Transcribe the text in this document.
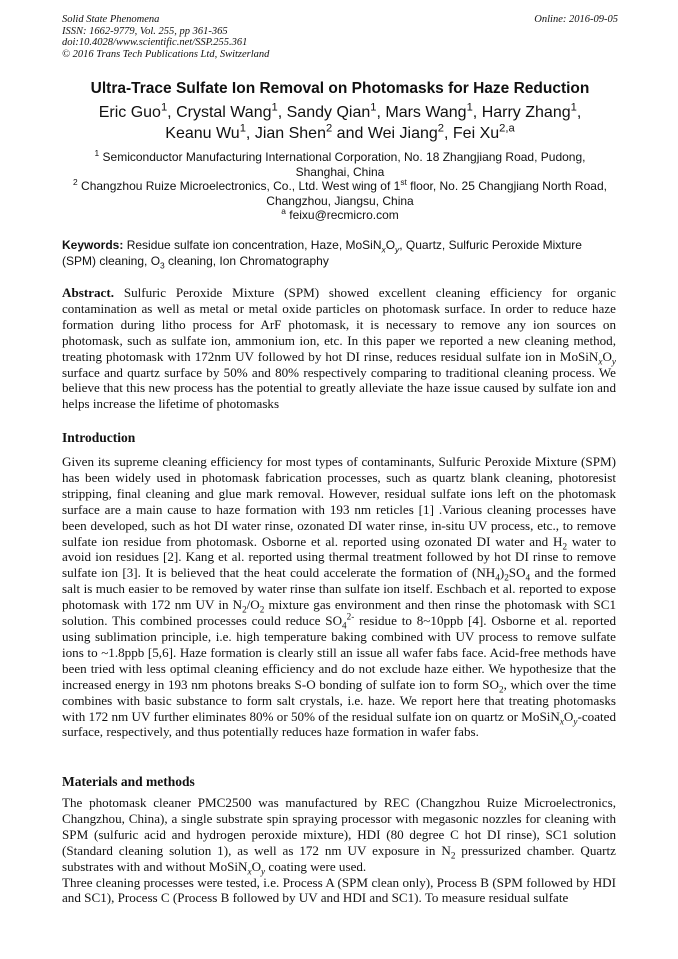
Solid State Phenomena
ISSN: 1662-9779, Vol. 255, pp 361-365
doi:10.4028/www.scientific.net/SSP.255.361
© 2016 Trans Tech Publications Ltd, Switzerland
Online: 2016-09-05
Ultra-Trace Sulfate Ion Removal on Photomasks for Haze Reduction
Eric Guo$^1$, Crystal Wang$^1$, Sandy Qian$^1$, Mars Wang$^1$, Harry Zhang$^1$,
Keanu Wu$^1$, Jian Shen$^2$ and Wei Jiang$^2$, Fei Xu$^{2,a}$
$^1$ Semiconductor Manufacturing International Corporation, No. 18 Zhangjiang Road, Pudong,
Shanghai, China
$^2$ Changzhou Ruize Microelectronics, Co., Ltd. West wing of 1st floor, No. 25 Changjiang North Road,
Changzhou, Jiangsu, China
$^a$ feixu@recmicro.com
Keywords: Residue sulfate ion concentration, Haze, $MoSiN_xO_y$, Quartz, Sulfuric Peroxide Mixture (SPM) cleaning, $O_3$ cleaning, Ion Chromatography

Abstract. Sulfuric Peroxide Mixture (SPM) showed excellent cleaning efficiency for organic contamination as well as metal or metal oxide particles on photomask surface. In order to reduce haze formation during litho process for ArF photomask, it is necessary to remove any ion sources on photomask, such as sulfate ion, ammonium ion, etc. In this paper we reported a new cleaning method, treating photomask with 172nm UV followed by hot DI rinse, reduces residual sulfate ion in $MoSiN_xO_y$ surface and quartz surface by 50% and 80% respectively comparing to traditional cleaning process. We believe that this new process has the potential to greatly alleviate the haze issue caused by sulfate ion and helps increase the lifetime of photomasks

Introduction

Given its supreme cleaning efficiency for most types of contaminants, Sulfuric Peroxide Mixture (SPM) has been widely used in photomask fabrication processes, such as quartz blank cleaning, photoresist stripping, final cleaning and glue mark removal. However, residual sulfate ions left on the photomask surface are a main cause to haze formation with 193 nm reticles [1] .Various cleaning processes have been developed, such as hot DI water rinse, ozonated DI water rinse, in-situ UV process, etc., to remove sulfate ion residue from photomask. Osborne et al. reported using ozonated DI water and $H_2$ water to avoid ion residues [2]. Kang et al. reported using thermal treatment followed by hot DI rinse to remove sulfate ion [3]. It is believed that the heat could accelerate the formation of $(NH_4)_2SO_4$ and the formed salt is much easier to be removed by water rinse than sulfate ion itself. Eschbach et al. reported to expose photomask with 172 nm UV in $N_2/O_2$ mixture gas environment and then rinse the photomask with SC1 solution. This combined processes could reduce $SO_4^{2-}$ residue to 8~10ppb [4]. Osborne et al. reported using sublimation principle, i.e. high temperature baking combined with UV process to remove sulfate ions to ~1.8ppb [5,6]. Haze formation is clearly still an issue all wafer fabs face. Acid-free methods have been tried with less optimal cleaning efficiency and do not exclude haze either. We hypothesize that the increased energy in 193 nm photons breaks S-O bonding of sulfate ion to form $SO_2$, which over the time combines with basic substance to form salt crystals, i.e. haze. We report here that treating photomasks with 172 nm UV further eliminates 80% or 50% of the residual sulfate ion on quartz or $MoSiN_xO_y$-coated surface, respectively, and thus potentially reduces haze formation in wafer fabs.

Materials and methods

The photomask cleaner PMC2500 was manufactured by REC (Changzhou Ruize Microelectronics, Changzhou, China), a single substrate spin spraying processor with megasonic nozzles for cleaning with SPM (sulfuric acid and hydrogen peroxide mixture), HDI (80 degree C hot DI rinse), SC1 solution (Standard cleaning solution 1), as well as 172 nm UV exposure in $N_2$ pressurized chamber. Quartz substrates with and without $MoSiN_xO_y$ coating were used.

Three cleaning processes were tested, i.e. Process A (SPM clean only), Process B (SPM followed by HDI and SC1), Process C (Process B followed by UV and HDI and SC1). To measure residual sulfate
